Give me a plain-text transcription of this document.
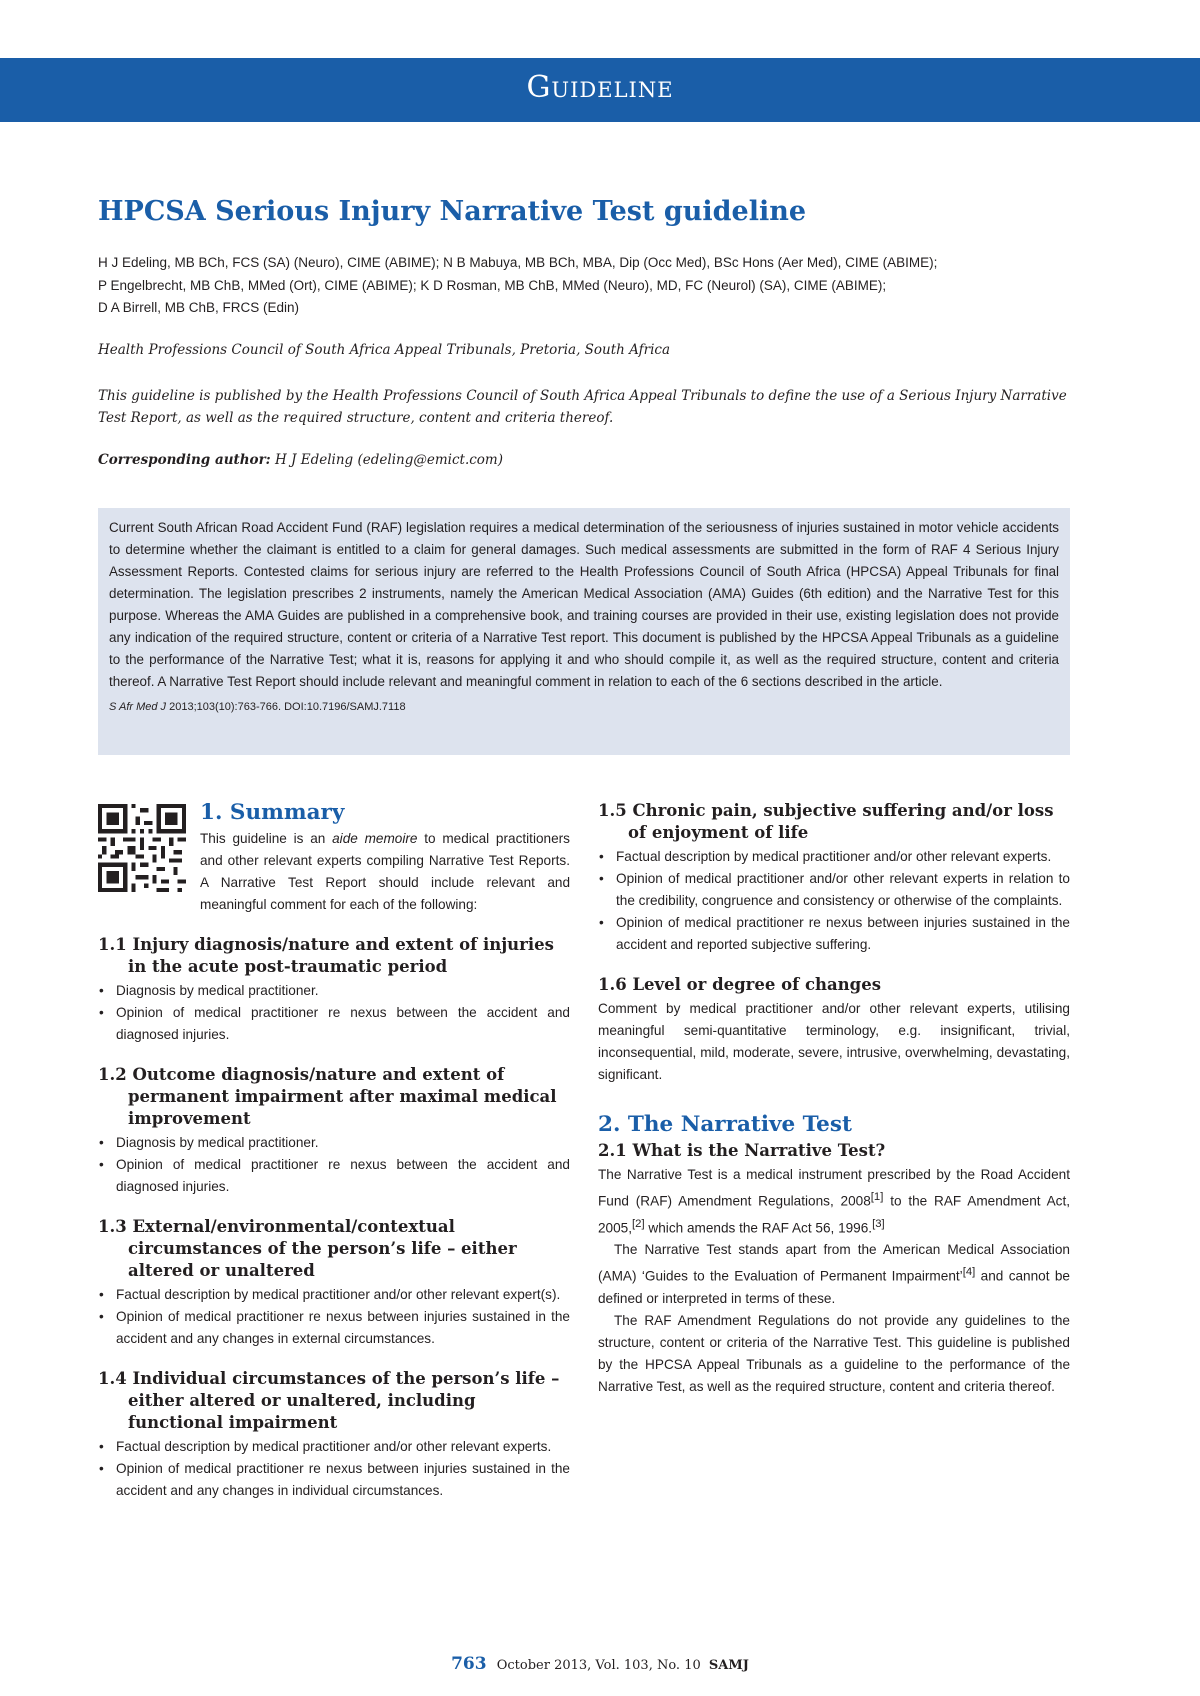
Guideline
HPCSA Serious Injury Narrative Test guideline
H J Edeling, MB BCh, FCS (SA) (Neuro), CIME (ABIME); N B Mabuya, MB BCh, MBA, Dip (Occ Med), BSc Hons (Aer Med), CIME (ABIME);
P Engelbrecht, MB ChB, MMed (Ort), CIME (ABIME); K D Rosman, MB ChB, MMed (Neuro), MD, FC (Neurol) (SA), CIME (ABIME);
D A Birrell, MB ChB, FRCS (Edin)
Health Professions Council of South Africa Appeal Tribunals, Pretoria, South Africa
This guideline is published by the Health Professions Council of South Africa Appeal Tribunals to define the use of a Serious Injury Narrative Test Report, as well as the required structure, content and criteria thereof.
Corresponding author: H J Edeling (edeling@emict.com)
Current South African Road Accident Fund (RAF) legislation requires a medical determination of the seriousness of injuries sustained in motor vehicle accidents to determine whether the claimant is entitled to a claim for general damages. Such medical assessments are submitted in the form of RAF 4 Serious Injury Assessment Reports. Contested claims for serious injury are referred to the Health Professions Council of South Africa (HPCSA) Appeal Tribunals for final determination. The legislation prescribes 2 instruments, namely the American Medical Association (AMA) Guides (6th edition) and the Narrative Test for this purpose. Whereas the AMA Guides are published in a comprehensive book, and training courses are provided in their use, existing legislation does not provide any indication of the required structure, content or criteria of a Narrative Test report. This document is published by the HPCSA Appeal Tribunals as a guideline to the performance of the Narrative Test; what it is, reasons for applying it and who should compile it, as well as the required structure, content and criteria thereof. A Narrative Test Report should include relevant and meaningful comment in relation to each of the 6 sections described in the article.
S Afr Med J 2013;103(10):763-766. DOI:10.7196/SAMJ.7118
1. Summary

This guideline is an aide memoire to medical practitioners and other relevant experts compiling Narrative Test Reports. A Narrative Test Report should include relevant and meaningful comment for each of the following:

1.1 Injury diagnosis/nature and extent of injuries in the acute post-traumatic period
• Diagnosis by medical practitioner.
• Opinion of medical practitioner re nexus between the accident and diagnosed injuries.
1.2 Outcome diagnosis/nature and extent of permanent impairment after maximal medical improvement
• Diagnosis by medical practitioner.
• Opinion of medical practitioner re nexus between the accident and diagnosed injuries.
1.3 External/environmental/contextual circumstances of the person’s life – either altered or unaltered
• Factual description by medical practitioner and/or other relevant expert(s).
• Opinion of medical practitioner re nexus between injuries sustained in the accident and any changes in external circumstances.
1.4 Individual circumstances of the person’s life – either altered or unaltered, including functional impairment
• Factual description by medical practitioner and/or other relevant experts.
• Opinion of medical practitioner re nexus between injuries sustained in the accident and any changes in individual circumstances.
1.5 Chronic pain, subjective suffering and/or loss of enjoyment of life
• Factual description by medical practitioner and/or other relevant experts.
• Opinion of medical practitioner and/or other relevant experts in relation to the credibility, congruence and consistency or otherwise of the complaints.
• Opinion of medical practitioner re nexus between injuries sustained in the accident and reported subjective suffering.
1.6 Level or degree of changes

Comment by medical practitioner and/or other relevant experts, utilising meaningful semi-quantitative terminology, e.g. insignificant, trivial, inconsequential, mild, moderate, severe, intrusive, overwhelming, devastating, significant.

2. The Narrative Test
2.1 What is the Narrative Test?

The Narrative Test is a medical instrument prescribed by the Road Accident Fund (RAF) Amendment Regulations, 2008[1] to the RAF Amendment Act, 2005,[2] which amends the RAF Act 56, 1996.[3]

The Narrative Test stands apart from the American Medical Association (AMA) ‘Guides to the Evaluation of Permanent Impairment’[4] and cannot be defined or interpreted in terms of these.

The RAF Amendment Regulations do not provide any guidelines to the structure, content or criteria of the Narrative Test. This guideline is published by the HPCSA Appeal Tribunals as a guideline to the performance of the Narrative Test, as well as the required structure, content and criteria thereof.

763 October 2013, Vol. 103, No. 10 SAMJ
